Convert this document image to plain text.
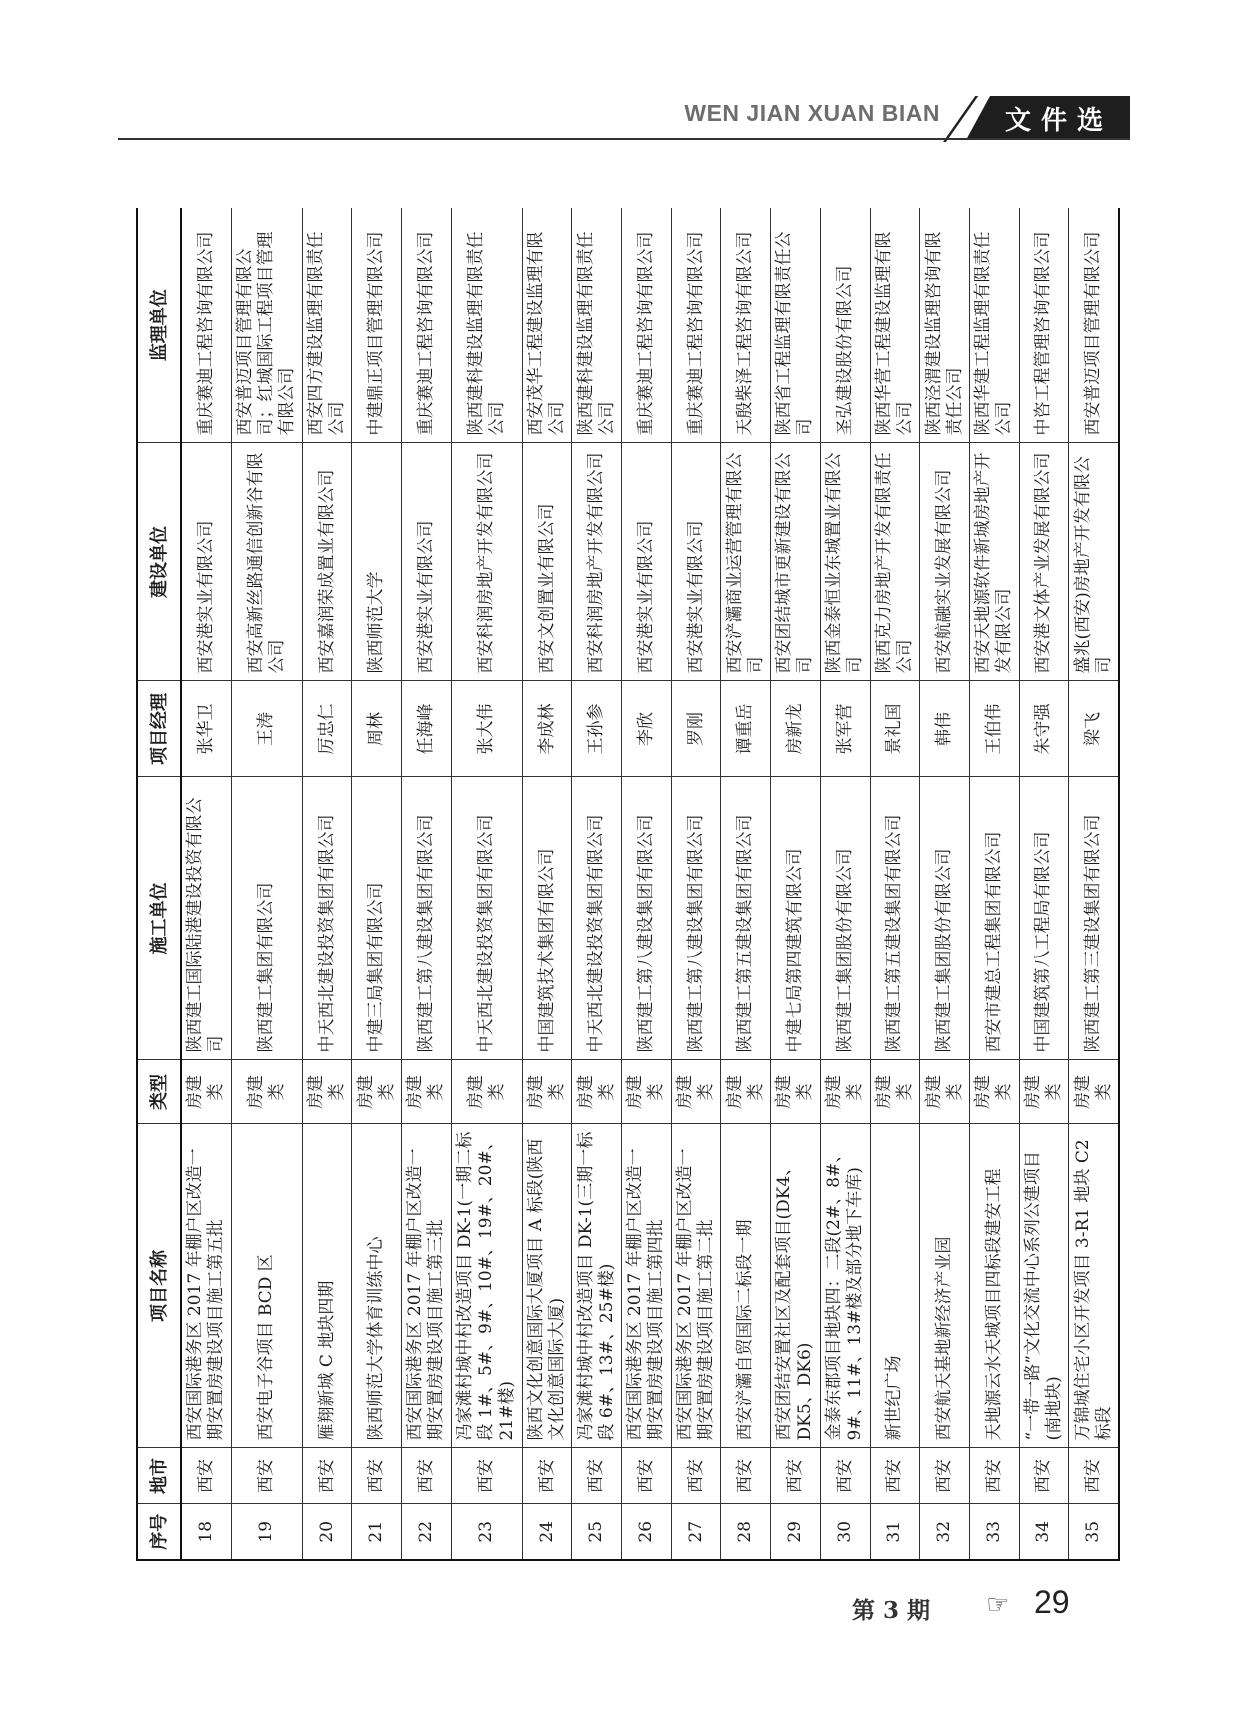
WEN JIAN XUAN BIAN	文件选编
序号	地市	项目名称	类型	施工单位	项目经理	建设单位	监理单位
18	西安	西安国际港务区 2017 年棚户区改造一期安置房建设项目施工第五批	房建类	陕西建工国际陆港建设投资有限公司	张华卫	西安港实业有限公司	重庆赛迪工程咨询有限公司
19	西安	西安电子谷项目 BCD 区	房建类	陕西建工集团有限公司	王涛	西安高新丝路通信创新谷有限公司	西安普迈项目管理有限公司；红城国际工程项目管理有限公司
20	西安	雁翔新城 C 地块四期	房建类	中天西北建设投资集团有限公司	厉忠仁	西安嘉润荣成置业有限公司	西安四方建设监理有限责任公司
21	西安	陕西师范大学体育训练中心	房建类	中建三局集团有限公司	周林	陕西师范大学	中建鼎正项目管理有限公司
22	西安	西安国际港务区 2017 年棚户区改造一期安置房建设项目施工第三批	房建类	陕西建工第八建设集团有限公司	任海峰	西安港实业有限公司	重庆赛迪工程咨询有限公司
23	西安	冯家滩村城中村改造项目 DK-1(一期二标段 1#、5#、9#、10#、19#、20#、21#楼)	房建类	中天西北建设投资集团有限公司	张大伟	西安科润房地产开发有限公司	陕西建科建设监理有限责任公司
24	西安	陕西文化创意国际大厦项目 A 标段(陕西文化创意国际大厦)	房建类	中国建筑技术集团有限公司	李成林	西安文创置业有限公司	西安茂华工程建设监理有限公司
25	西安	冯家滩村城中村改造项目 DK-1(三期一标段 6#、13#、25#楼)	房建类	中天西北建设投资集团有限公司	王孙参	西安科润房地产开发有限公司	陕西建科建设监理有限责任公司
26	西安	西安国际港务区 2017 年棚户区改造一期安置房建设项目施工第四批	房建类	陕西建工第八建设集团有限公司	李欣	西安港实业有限公司	重庆赛迪工程咨询有限公司
27	西安	西安国际港务区 2017 年棚户区改造一期安置房建设项目施工第二批	房建类	陕西建工第八建设集团有限公司	罗刚	西安港实业有限公司	重庆赛迪工程咨询有限公司
28	西安	西安浐灞自贸国际二标段一期	房建类	陕西建工第五建设集团有限公司	谭重岳	西安浐灞商业运营管理有限公司	天殷柴泽工程咨询有限公司
29	西安	西安团结安置社区及配套项目(DK4、DK5、DK6)	房建类	中建七局第四建筑有限公司	房新龙	西安团结城市更新建设有限公司	陕西省工程监理有限责任公司
30	西安	金泰东郡项目地块四：二段(2#、8#、9#、11#、13#楼及部分地下车库)	房建类	陕西建工集团股份有限公司	张军营	陕西金泰恒业东城置业有限公司	圣弘建设股份有限公司
31	西安	新世纪广场	房建类	陕西建工第五建设集团有限公司	景礼国	陕西克力房地产开发有限责任公司	陕西华营工程建设监理有限公司
32	西安	西安航天基地新经济产业园	房建类	陕西建工集团股份有限公司	韩伟	西安航融实业发展有限公司	陕西泾渭建设监理咨询有限责任公司
33	西安	天地源云水天城项目四标段建安工程	房建类	西安市建总工程集团有限公司	王伯伟	西安天地源软件新城房地产开发有限公司	陕西华建工程监理有限责任公司
34	西安	“一带一路”文化交流中心系列公建项目(南地块)	房建类	中国建筑第八工程局有限公司	朱守强	西安港文体产业发展有限公司	中咨工程管理咨询有限公司
35	西安	万锦城住宅小区开发项目 3-R1 地块 C2 标段	房建类	陕西建工第三建设集团有限公司	梁飞	盛兆(西安)房地产开发有限公司	西安普迈项目管理有限公司
第 3 期	☞ 29
